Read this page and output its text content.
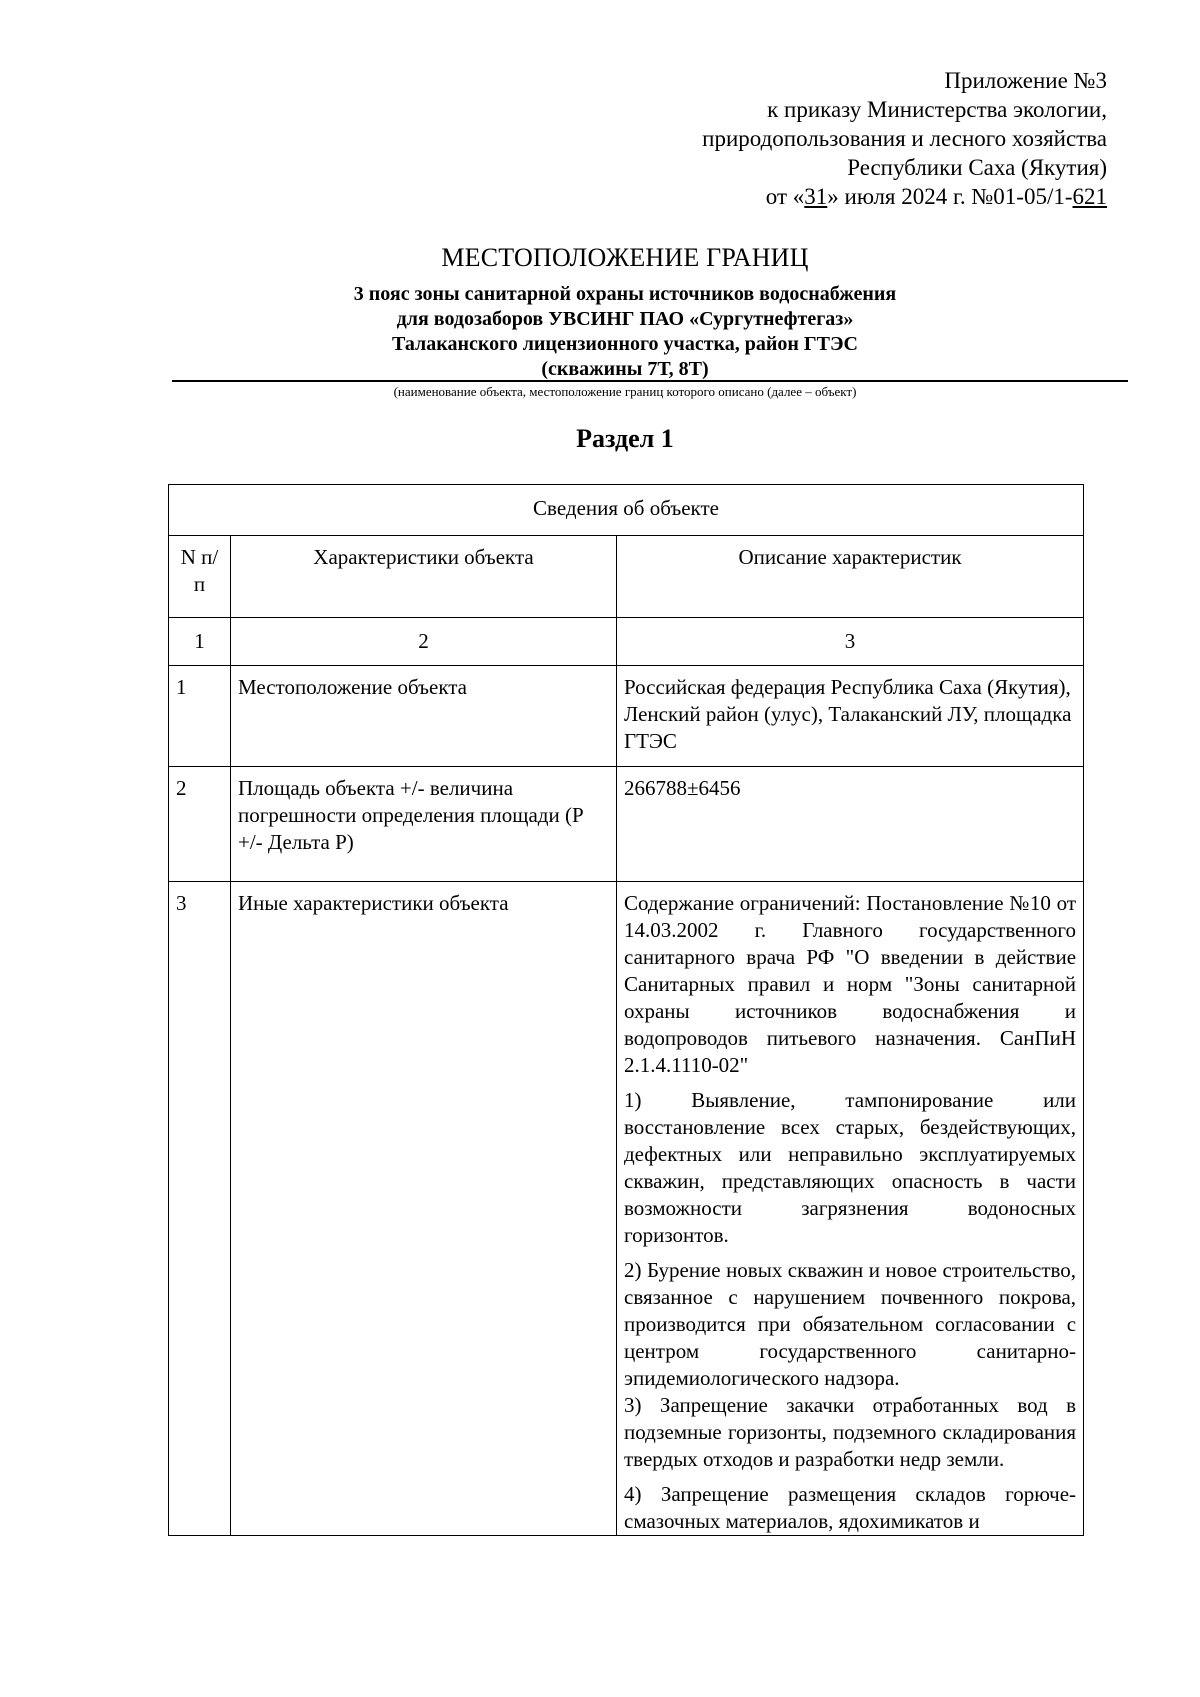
Приложение №3
к приказу Министерства экологии,
природопользования и лесного хозяйства
Республики Саха (Якутия)
от «31» июля 2024 г. №01-05/1-621
МЕСТОПОЛОЖЕНИЕ ГРАНИЦ
3 пояс зоны санитарной охраны источников водоснабжения
для водозаборов УВСИНГ ПАО «Сургутнефтегаз»
Талаканского лицензионного участка, район ГТЭС
(скважины 7Т, 8Т)
(наименование объекта, местоположение границ которого описано (далее – объект)
Раздел 1
Сведения об объекте		
N п/п	Характеристики объекта	Описание характеристик
1	2	3
1	Местоположение объекта	Российская федерация Республика Саха (Якутия), Ленский район (улус), Талаканский ЛУ, площадка ГТЭС
2	Площадь объекта +/- величина погрешности определения площади (Р +/- Дельта Р)	266788±6456
3	Иные характеристики объекта	Содержание ограничений: Постановление №10 от 14.03.2002 г. Главного государственного санитарного врача РФ "О введении в действие Санитарных правил и норм "Зоны санитарной охраны источников водоснабжения и водопроводов питьевого назначения. СанПиН 2.1.4.1110-02"
1) Выявление, тампонирование или восстановление всех старых, бездействующих, дефектных или неправильно эксплуатируемых скважин, представляющих опасность в части возможности загрязнения водоносных горизонтов.
2) Бурение новых скважин и новое строительство, связанное с нарушением почвенного покрова, производится при обязательном согласовании с центром государственного санитарно-эпидемиологического надзора.
3) Запрещение закачки отработанных вод в подземные горизонты, подземного складирования твердых отходов и разработки недр земли.
4) Запрещение размещения складов горюче-смазочных материалов, ядохимикатов и
